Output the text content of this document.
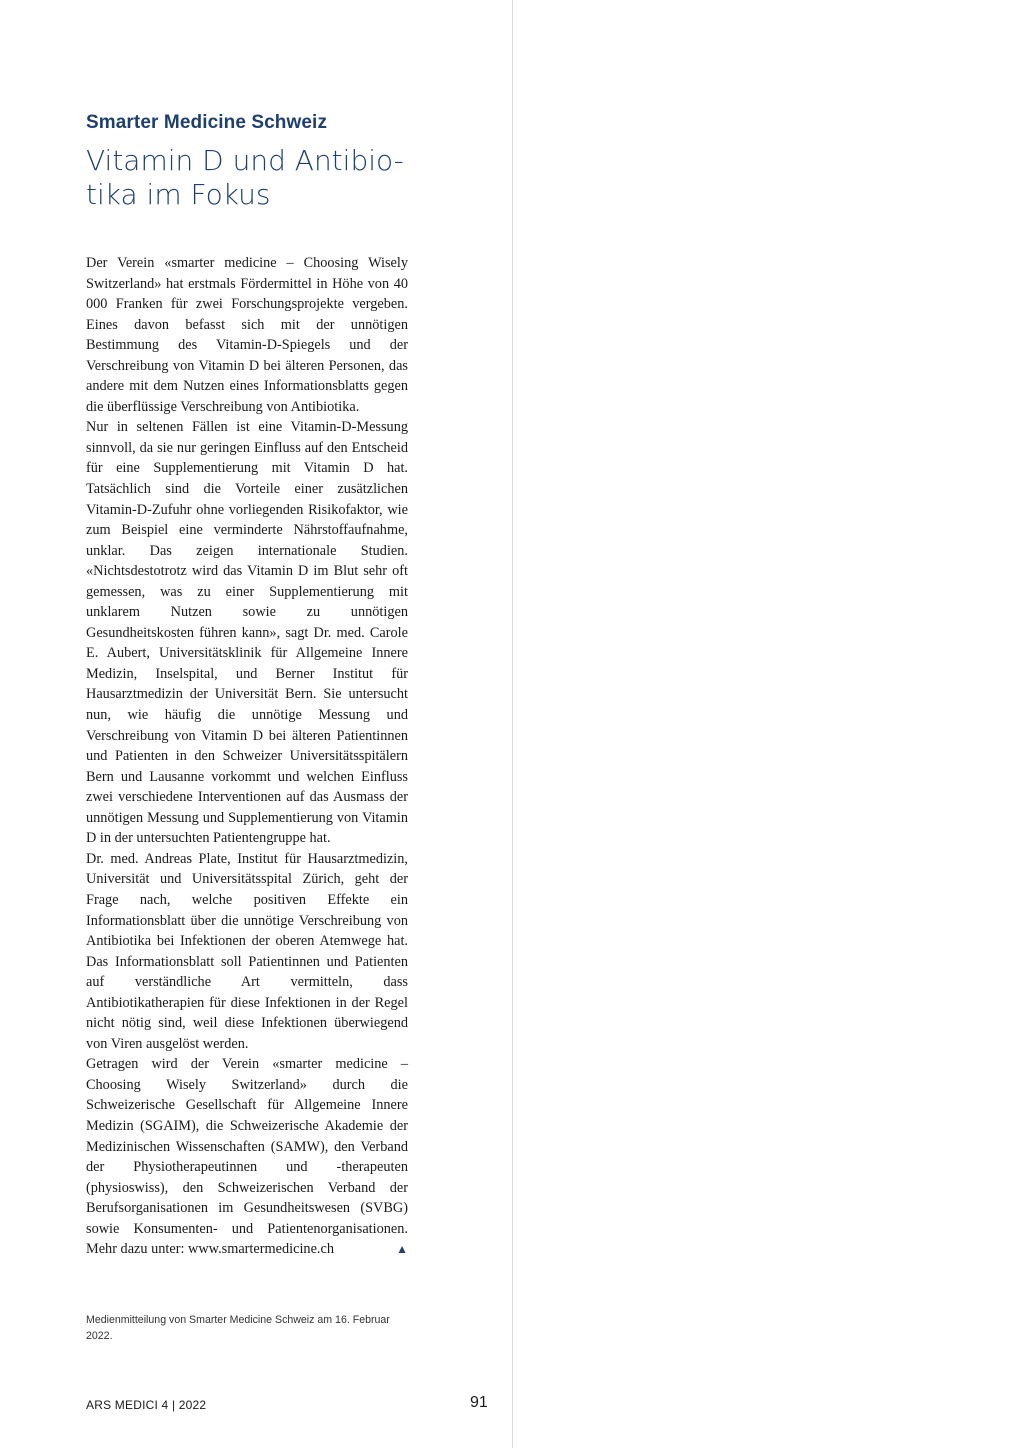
Smarter Medicine Schweiz
Vitamin D und Antibio-
tika im Fokus

Der Verein «smarter medicine – Choosing Wisely Switzerland» hat erstmals Fördermittel in Höhe von 40 000 Franken für zwei Forschungsprojekte vergeben. Eines davon befasst sich mit der unnötigen Bestimmung des Vitamin-D-Spiegels und der Verschreibung von Vitamin D bei älteren Personen, das andere mit dem Nutzen eines Informationsblatts gegen die überflüssige Verschreibung von Antibiotika.

Nur in seltenen Fällen ist eine Vitamin-D-Messung sinnvoll, da sie nur geringen Einfluss auf den Entscheid für eine Supplementierung mit Vitamin D hat. Tatsächlich sind die Vorteile einer zusätzlichen Vitamin-D-Zufuhr ohne vorliegenden Risikofaktor, wie zum Beispiel eine verminderte Nährstoffaufnahme, unklar. Das zeigen internationale Studien. «Nichtsdestotrotz wird das Vitamin D im Blut sehr oft gemessen, was zu einer Supplementierung mit unklarem Nutzen sowie zu unnötigen Gesundheitskosten führen kann», sagt Dr. med. Carole E. Aubert, Universitätsklinik für Allgemeine Innere Medizin, Inselspital, und Berner Institut für Hausarztmedizin der Universität Bern. Sie untersucht nun, wie häufig die unnötige Messung und Verschreibung von Vitamin D bei älteren Patientinnen und Patienten in den Schweizer Universitätsspitälern Bern und Lausanne vorkommt und welchen Einfluss zwei verschiedene Interventionen auf das Ausmass der unnötigen Messung und Supplementierung von Vitamin D in der untersuchten Patientengruppe hat.

Dr. med. Andreas Plate, Institut für Hausarztmedizin, Universität und Universitätsspital Zürich, geht der Frage nach, welche positiven Effekte ein Informationsblatt über die unnötige Verschreibung von Antibiotika bei Infektionen der oberen Atemwege hat. Das Informationsblatt soll Patientinnen und Patienten auf verständliche Art vermitteln, dass Antibiotikatherapien für diese Infektionen in der Regel nicht nötig sind, weil diese Infektionen überwiegend von Viren ausgelöst werden.

Getragen wird der Verein «smarter medicine – Choosing Wisely Switzerland» durch die Schweizerische Gesellschaft für Allgemeine Innere Medizin (SGAIM), die Schweizerische Akademie der Medizinischen Wissenschaften (SAMW), den Verband der Physiotherapeutinnen und -therapeuten (physioswiss), den Schweizerischen Verband der Berufsorganisationen im Gesundheitswesen (SVBG) sowie Konsumenten- und Patientenorganisationen. Mehr dazu unter: www.smartermedicine.ch	▲

Medienmitteilung von Smarter Medicine Schweiz am 16. Februar 2022.
ARS MEDICI 4 | 2022	91
